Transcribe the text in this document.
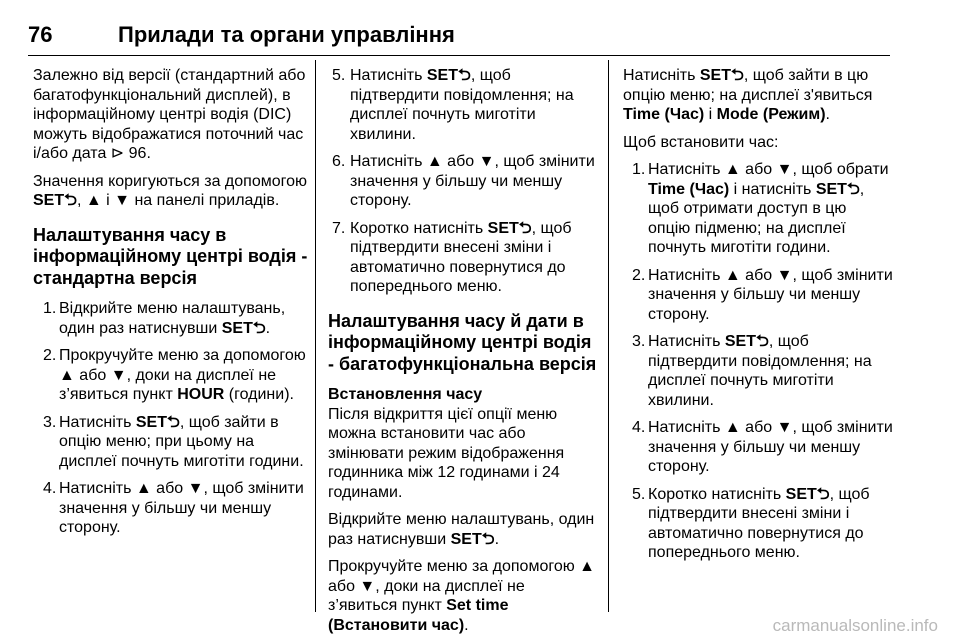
76	Прилади та органи управління

Залежно від версії (стандартний або багатофункціональний дисплей), в інформаційному центрі водія (DIC) можуть відображатися поточний час і/або дата ⊳ 96.

Значення коригуються за допомогою SET⮌, ▲ і ▼ на панелі приладів.

Налаштування часу в інформаційному центрі водія - стандартна версія
1. Відкрийте меню налаштувань, один раз натиснувши SET⮌.
2. Прокручуйте меню за допомогою ▲ або ▼, доки на дисплеї не з’явиться пункт HOUR (години).
3. Натисніть SET⮌, щоб зайти в опцію меню; при цьому на дисплеї почнуть миготіти години.
4. Натисніть ▲ або ▼, щоб змінити значення у більшу чи меншу сторону.
5. Натисніть SET⮌, щоб підтвердити повідомлення; на дисплеї почнуть миготіти хвилини.
6. Натисніть ▲ або ▼, щоб змінити значення у більшу чи меншу сторону.
7. Коротко натисніть SET⮌, щоб підтвердити внесені зміни і автоматично повернутися до попереднього меню.
Налаштування часу й дати в інформаційному центрі водія - багатофункціональна версія
Встановлення часу

Після відкриття цієї опції меню можна встановити час або змінювати режим відображення годинника між 12 годинами і 24 годинами.

Відкрийте меню налаштувань, один раз натиснувши SET⮌.

Прокручуйте меню за допомогою ▲ або ▼, доки на дисплеї не з’явиться пункт Set time (Встановити час).

Натисніть SET⮌, щоб зайти в цю опцію меню; на дисплеї з'явиться Time (Час) і Mode (Режим).

Щоб встановити час:

1. Натисніть ▲ або ▼, щоб обрати Time (Час) і натисніть SET⮌, щоб отримати доступ в цю опцію підменю; на дисплеї почнуть миготіти години.
2. Натисніть ▲ або ▼, щоб змінити значення у більшу чи меншу сторону.
3. Натисніть SET⮌, щоб підтвердити повідомлення; на дисплеї почнуть миготіти хвилини.
4. Натисніть ▲ або ▼, щоб змінити значення у більшу чи меншу сторону.
5. Коротко натисніть SET⮌, щоб підтвердити внесені зміни і автоматично повернутися до попереднього меню.
carmanualsonline.info
